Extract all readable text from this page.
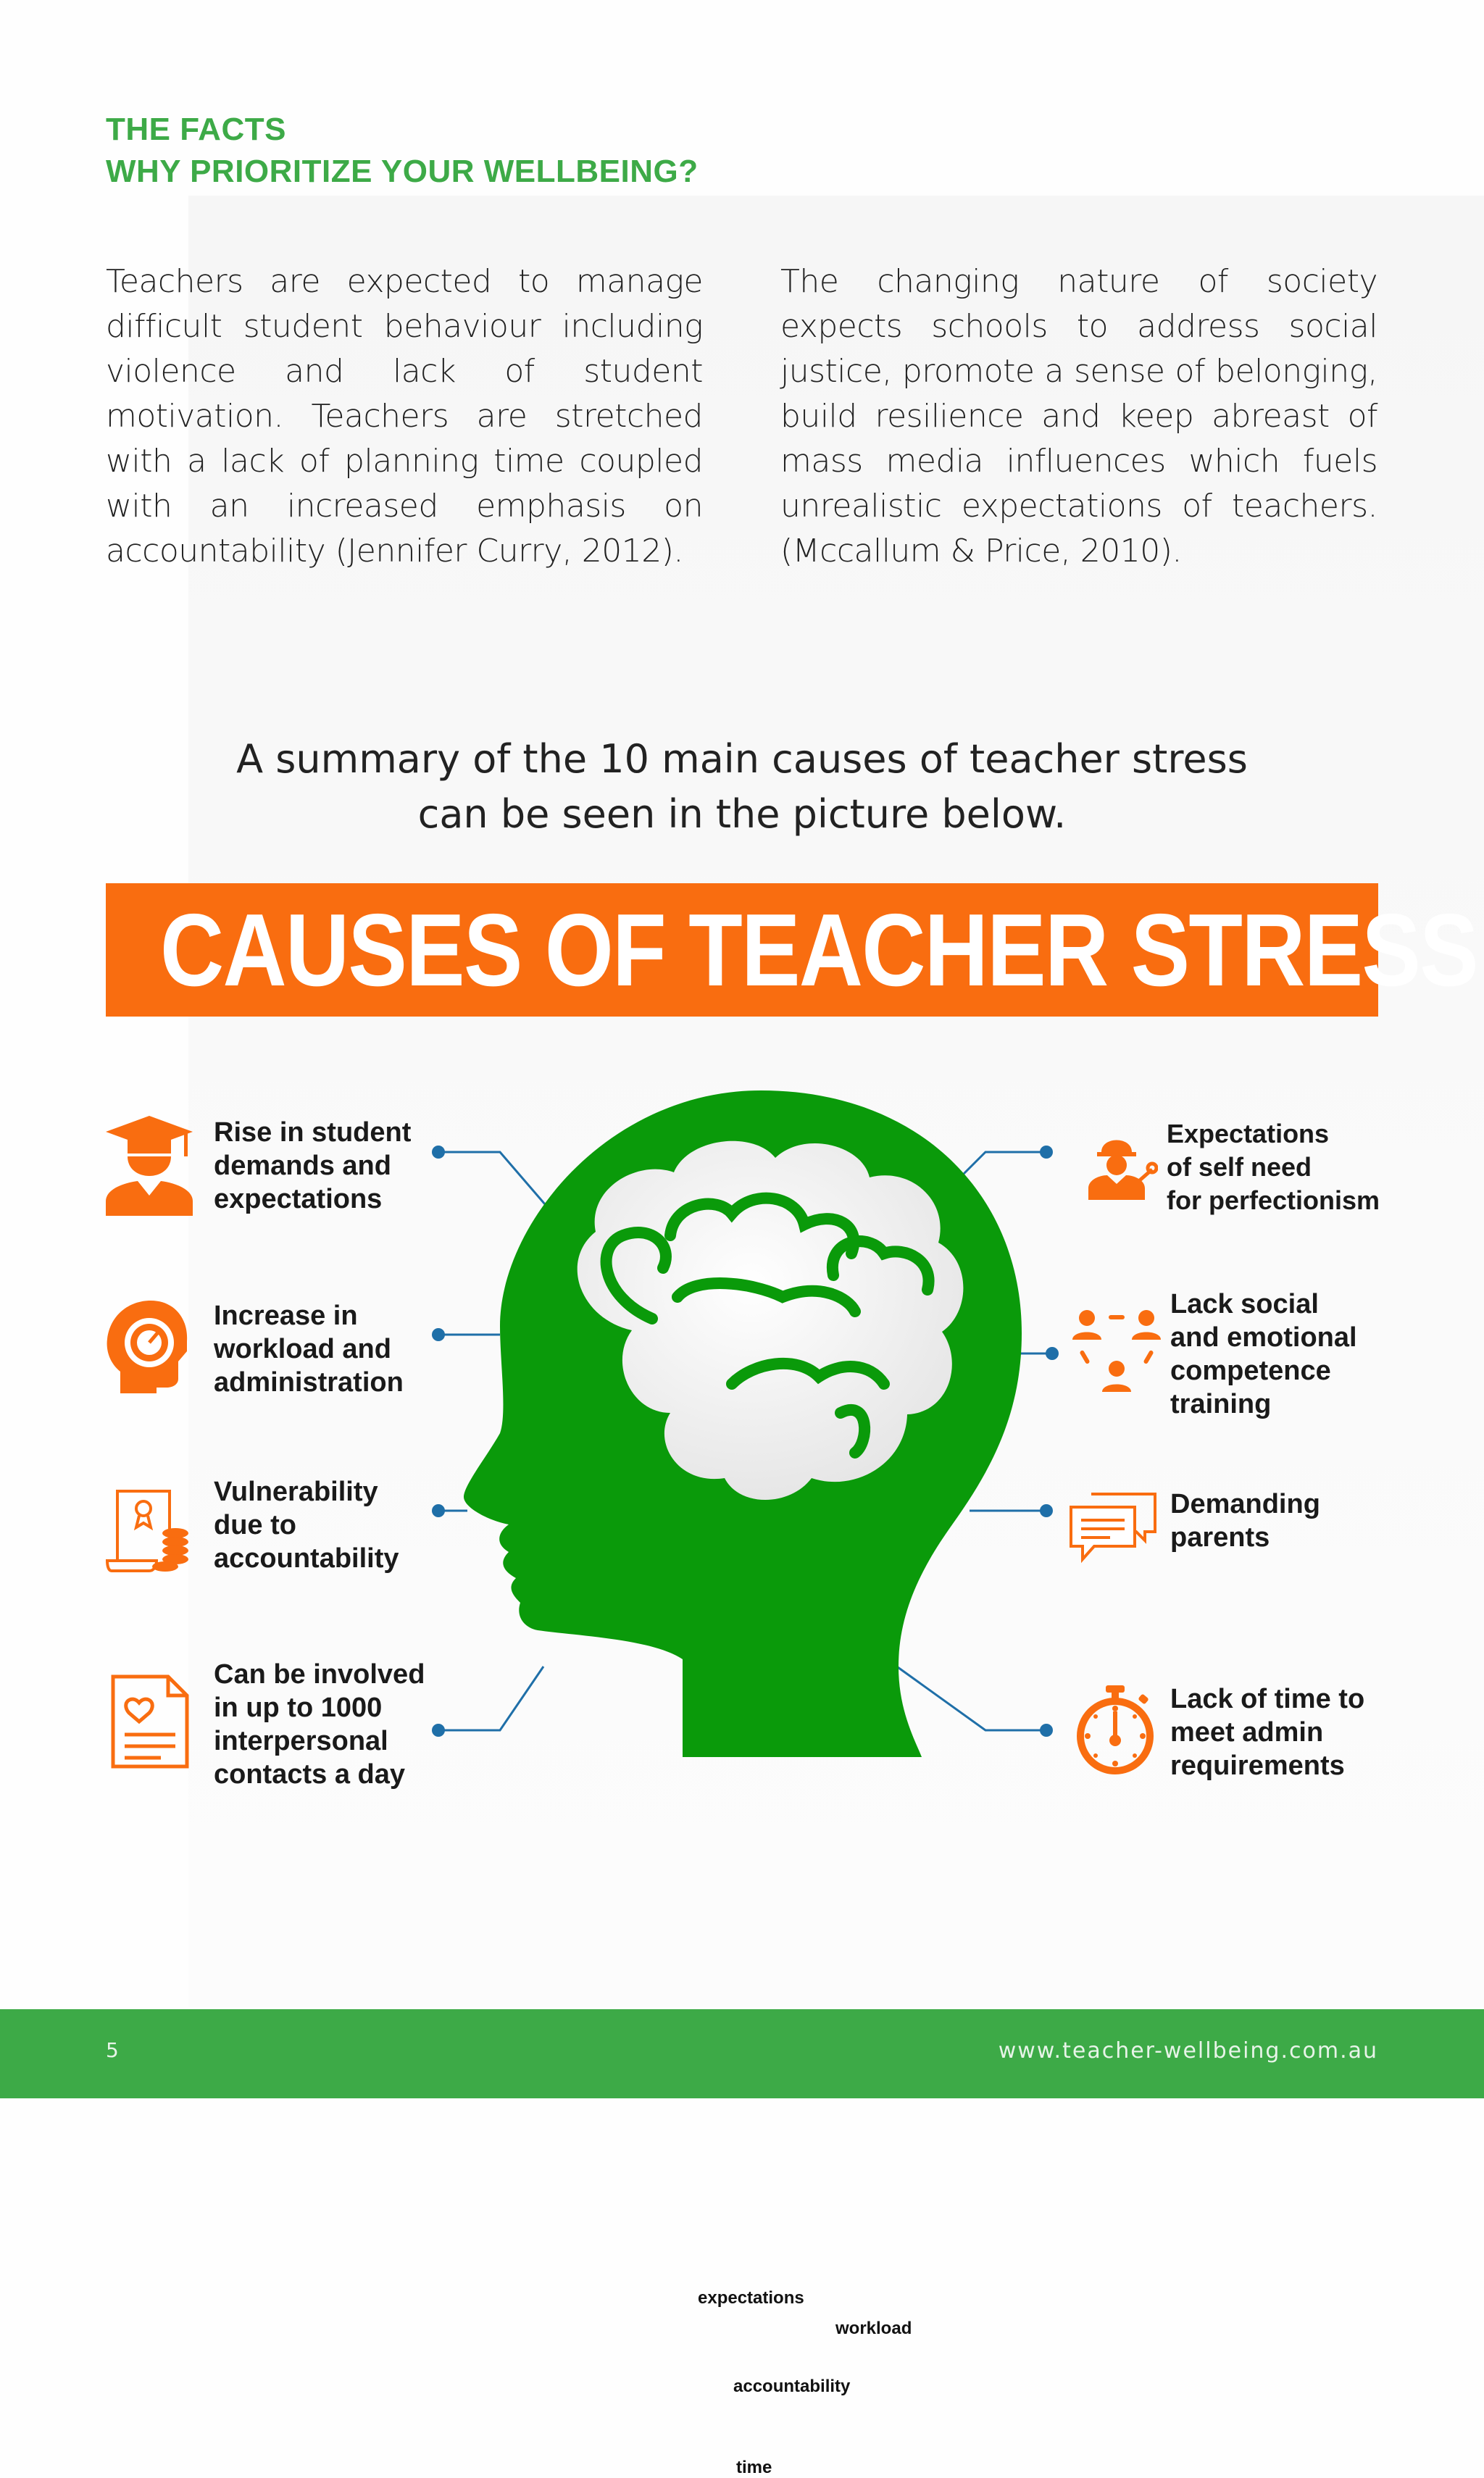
THE FACTS
WHY PRIORITIZE YOUR WELLBEING?
Teachers are expected to manage difficult student behaviour including violence and lack of student motivation. Teachers are stretched with a lack of planning time coupled with an increased emphasis on accountability (Jennifer Curry, 2012).
The changing nature of society expects schools to address social justice, promote a sense of belonging, build resilience and keep abreast of mass media influences which fuels unrealistic expectations of teachers. (Mccallum & Price, 2010).
A summary of the 10 main causes of teacher stress
can be seen in the picture below.
CAUSES OF TEACHER STRESS
expectations
workload
accountability
time
Rise in student
demands and
expectations
Increase in
workload and
administration
Vulnerability
due to
accountability
Can be involved
in up to 1000
interpersonal
contacts a day
Expectations
of self need
for perfectionism
Lack social
and emotional
competence
training
Demanding
parents
Lack of time to
meet admin
requirements
5	www.teacher-wellbeing.com.au
